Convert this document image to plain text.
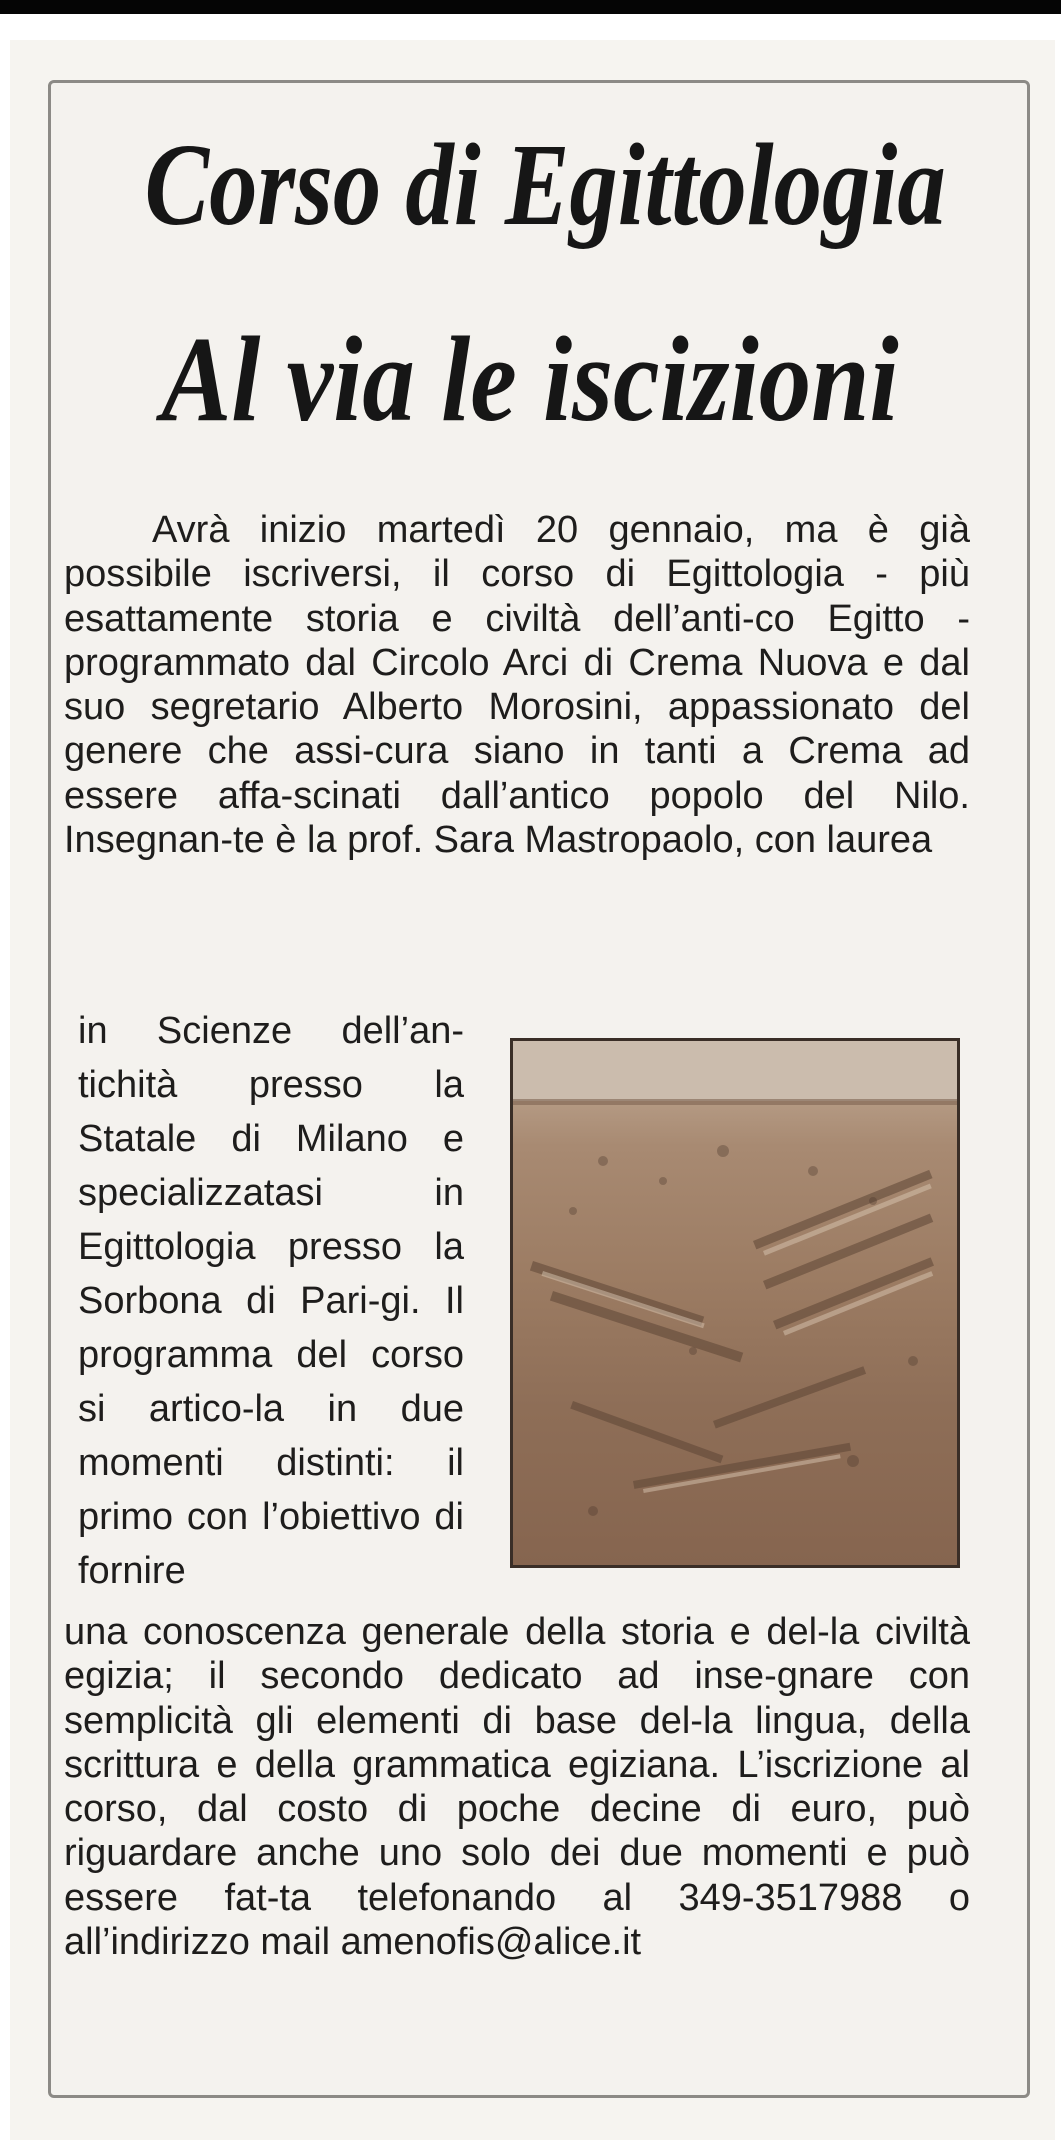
Corso di Egittologia
Al via le iscizioni

Avrà inizio martedì 20 gennaio, ma è già possibile iscriversi, il corso di Egittologia - più esattamente storia e civiltà dell’anti-co Egitto - programmato dal Circolo Arci di Crema Nuova e dal suo segretario Alberto Morosini, appassionato del genere che assi-cura siano in tanti a Crema ad essere affa-scinati dall’antico popolo del Nilo. Insegnan-te è la prof. Sara Mastropaolo, con laurea

in Scienze dell’an-tichità presso la Statale di Milano e specializzatasi in Egittologia presso la Sorbona di Pari-gi. Il programma del corso si artico-la in due momenti distinti: il primo con l’obiettivo di fornire

una conoscenza generale della storia e del-la civiltà egizia; il secondo dedicato ad inse-gnare con semplicità gli elementi di base del-la lingua, della scrittura e della grammatica egiziana. L’iscrizione al corso, dal costo di poche decine di euro, può riguardare anche uno solo dei due momenti e può essere fat-ta telefonando al 349-3517988 o all’indirizzo mail amenofis@alice.it
